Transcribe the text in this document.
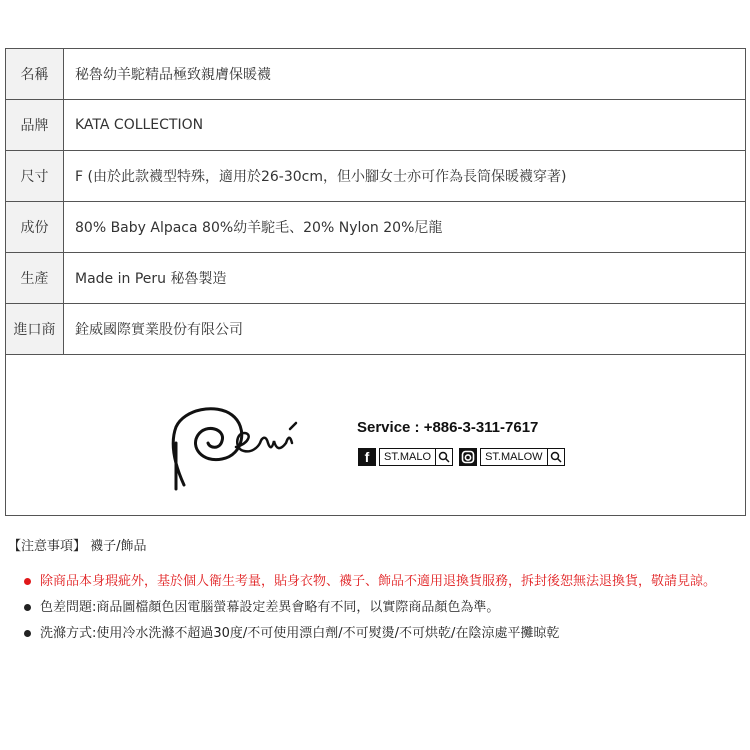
名稱	秘魯幼羊駝精品極致親膚保暖襪
品牌	KATA COLLECTION
尺寸	F (由於此款襪型特殊，適用於26-30cm，但小腳女士亦可作為長筒保暖襪穿著)
成份	80% Baby Alpaca 80%幼羊駝毛、20% Nylon 20%尼龍
生產	Made in Peru 秘魯製造
進口商	銓威國際實業股份有限公司

Service : +886-3-311-7617
f ST.MALO ST.MALOW	
【注意事項】 襪子/飾品
除商品本身瑕疵外，基於個人衛生考量，貼身衣物、襪子、飾品不適用退換貨服務，拆封後恕無法退換貨，敬請見諒。
色差問題:商品圖檔顏色因電腦螢幕設定差異會略有不同，以實際商品顏色為準。
洗滌方式:使用冷水洗滌不超過30度/不可使用漂白劑/不可熨燙/不可烘乾/在陰涼處平攤晾乾
